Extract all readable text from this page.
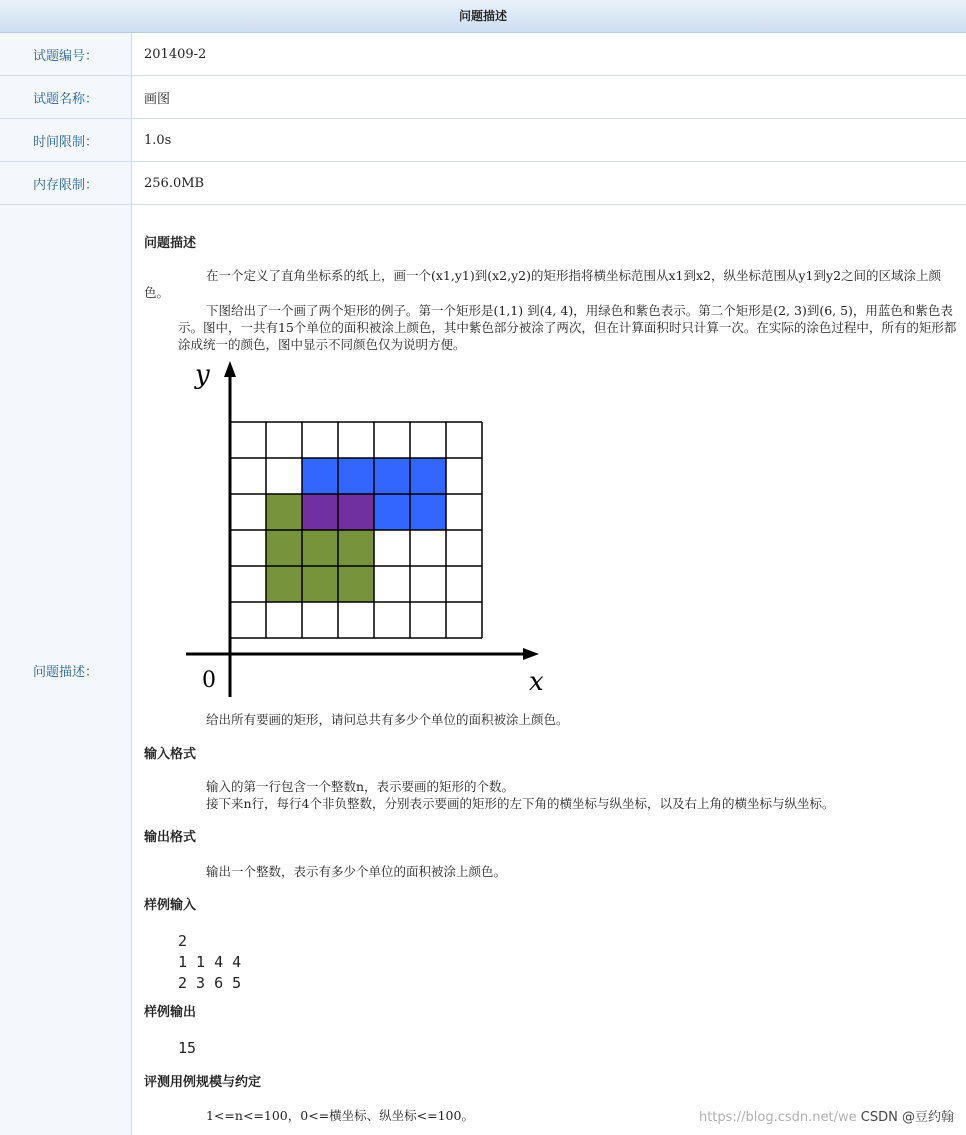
问题描述
试题编号：	201409-2
试题名称：	画图
时间限制：	1.0s
内存限制：	256.0MB
问题描述：
问题描述
在一个定义了直角坐标系的纸上，画一个(x1,y1)到(x2,y2)的矩形指将横坐标范围从x1到x2，纵坐标范围从y1到y2之间的区域涂上颜色。
下图给出了一个画了两个矩形的例子。第一个矩形是(1,1) 到(4, 4)，用绿色和紫色表示。第二个矩形是(2, 3)到(6, 5)，用蓝色和紫色表示。图中，一共有15个单位的面积被涂上颜色，其中紫色部分被涂了两次，但在计算面积时只计算一次。在实际的涂色过程中，所有的矩形都涂成统一的颜色，图中显示不同颜色仅为说明方便。
y
x
0
给出所有要画的矩形，请问总共有多少个单位的面积被涂上颜色。
输入格式
输入的第一行包含一个整数n，表示要画的矩形的个数。
接下来n行，每行4个非负整数，分别表示要画的矩形的左下角的横坐标与纵坐标，以及右上角的横坐标与纵坐标。
输出格式
输出一个整数，表示有多少个单位的面积被涂上颜色。
样例输入
2
1 1 4 4
2 3 6 5
样例输出
15
评测用例规模与约定
1<=n<=100，0<=横坐标、纵坐标<=100。	https://blog.csdn.net/we CSDN @豆约翰
